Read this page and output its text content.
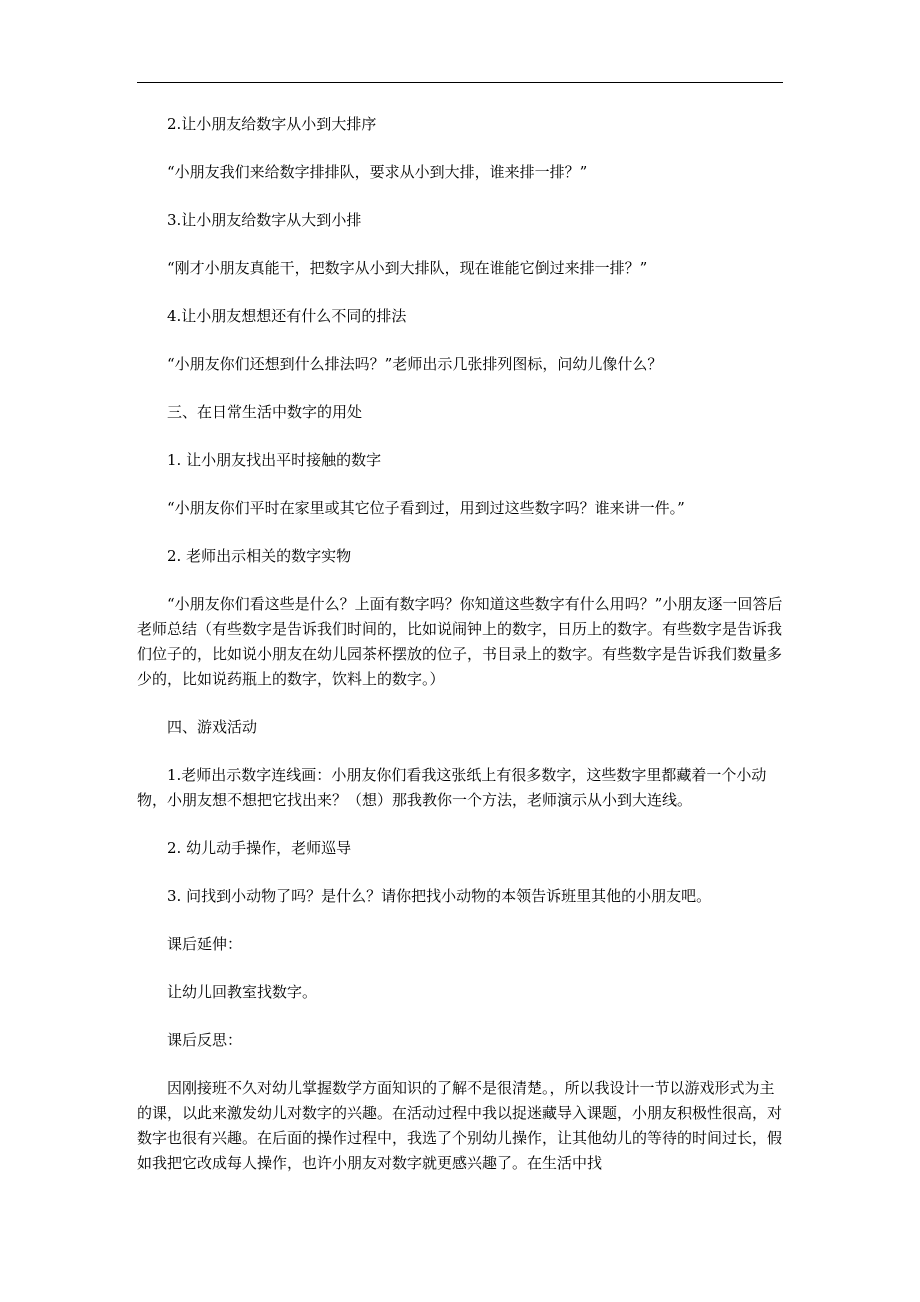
2.让小朋友给数字从小到大排序

“小朋友我们来给数字排排队，要求从小到大排，谁来排一排？”

3.让小朋友给数字从大到小排

“刚才小朋友真能干，把数字从小到大排队，现在谁能它倒过来排一排？”

4.让小朋友想想还有什么不同的排法

“小朋友你们还想到什么排法吗？”老师出示几张排列图标，问幼儿像什么？

三、在日常生活中数字的用处

1. 让小朋友找出平时接触的数字

“小朋友你们平时在家里或其它位子看到过，用到过这些数字吗？谁来讲一件。”

2. 老师出示相关的数字实物

“小朋友你们看这些是什么？上面有数字吗？你知道这些数字有什么用吗？”小朋友逐一回答后老师总结（有些数字是告诉我们时间的，比如说闹钟上的数字，日历上的数字。有些数字是告诉我们位子的，比如说小朋友在幼儿园茶杯摆放的位子，书目录上的数字。有些数字是告诉我们数量多少的，比如说药瓶上的数字，饮料上的数字。）

四、游戏活动

1.老师出示数字连线画：小朋友你们看我这张纸上有很多数字，这些数字里都藏着一个小动物，小朋友想不想把它找出来？（想）那我教你一个方法，老师演示从小到大连线。

2. 幼儿动手操作，老师巡导

3. 问找到小动物了吗？是什么？请你把找小动物的本领告诉班里其他的小朋友吧。

课后延伸：

让幼儿回教室找数字。

课后反思：

因刚接班不久对幼儿掌握数学方面知识的了解不是很清楚。，所以我设计一节以游戏形式为主的课，以此来激发幼儿对数字的兴趣。在活动过程中我以捉迷藏导入课题，小朋友积极性很高，对数字也很有兴趣。在后面的操作过程中，我选了个别幼儿操作，让其他幼儿的等待的时间过长，假如我把它改成每人操作，也许小朋友对数字就更感兴趣了。在生活中找
